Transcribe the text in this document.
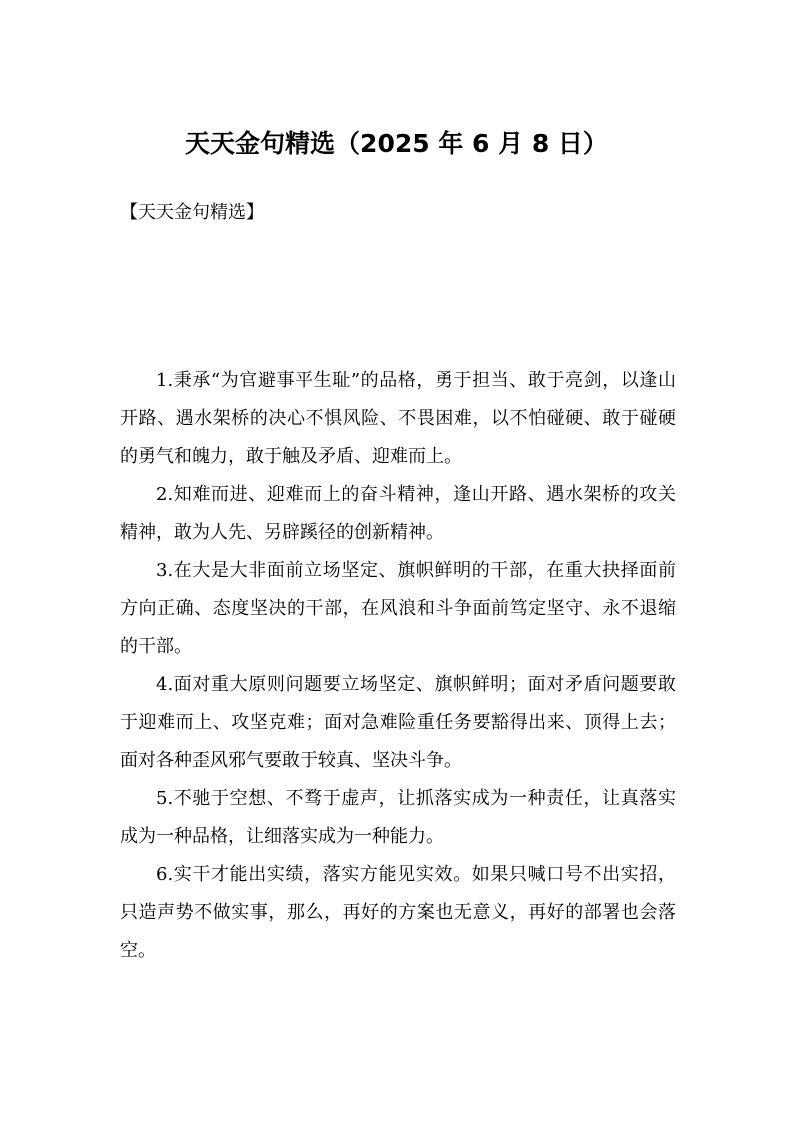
天天金句精选（2025 年 6 月 8 日）
【天天金句精选】

1.秉承“为官避事平生耻”的品格，勇于担当、敢于亮剑，以逢山开路、遇水架桥的决心不惧风险、不畏困难，以不怕碰硬、敢于碰硬的勇气和魄力，敢于触及矛盾、迎难而上。

2.知难而进、迎难而上的奋斗精神，逢山开路、遇水架桥的攻关精神，敢为人先、另辟蹊径的创新精神。

3.在大是大非面前立场坚定、旗帜鲜明的干部，在重大抉择面前方向正确、态度坚决的干部，在风浪和斗争面前笃定坚守、永不退缩的干部。

4.面对重大原则问题要立场坚定、旗帜鲜明；面对矛盾问题要敢于迎难而上、攻坚克难；面对急难险重任务要豁得出来、顶得上去；面对各种歪风邪气要敢于较真、坚决斗争。

5.不驰于空想、不骛于虚声，让抓落实成为一种责任，让真落实成为一种品格，让细落实成为一种能力。

6.实干才能出实绩，落实方能见实效。如果只喊口号不出实招，只造声势不做实事，那么，再好的方案也无意义，再好的部署也会落空。
